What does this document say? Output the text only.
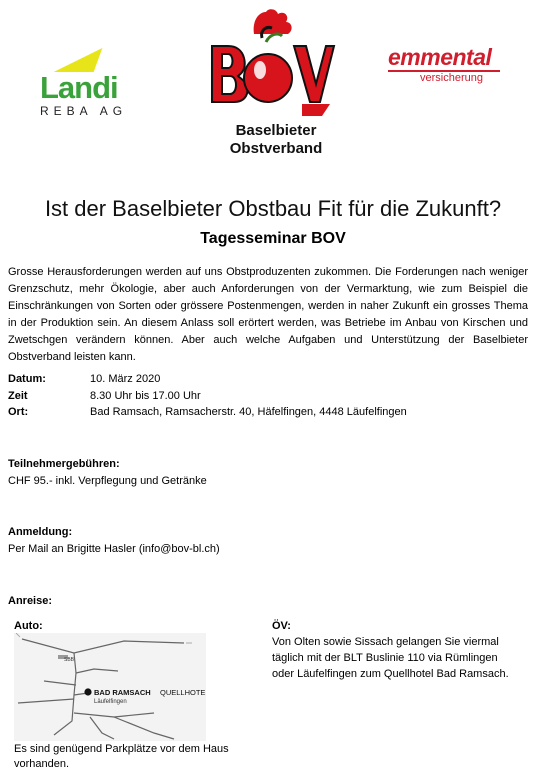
Landi
REBA AG
Baselbieter
Obstverband
emmental
versicherung
Ist der Baselbieter Obstbau Fit für die Zukunft?
Tagesseminar BOV
Grosse Herausforderungen werden auf uns Obstproduzenten zukommen. Die Forderungen nach weniger Grenzschutz, mehr Ökologie, aber auch Anforderungen von der Vermarktung, wie zum Beispiel die Einschränkungen von Sorten oder grössere Postenmengen, werden in naher Zukunft ein grosses Thema in der Produktion sein. An diesem Anlass soll erörtert werden, was Betriebe im Anbau von Kirschen und Zwetschgen verändern können. Aber auch welche Aufgaben und Unterstützung der Baselbieter Obstverband leisten kann.
Datum:	10. März 2020
Zeit	8.30 Uhr bis 17.00 Uhr
Ort:	Bad Ramsach, Ramsacherstr. 40, Häfelfingen, 4448 Läufelfingen
Teilnehmergebühren:
CHF 95.- inkl. Verpflegung und Getränke
Anmeldung:
Per Mail an Brigitte Hasler (info@bov-bl.ch)
Anreise:
Auto:
SBB
BAD RAMSACH QUELLHOTEL
Läufelfingen
Es sind genügend Parkplätze vor dem Haus vorhanden.
ÖV:
Von Olten sowie Sissach gelangen Sie viermal täglich mit der BLT Buslinie 110 via Rümlingen oder Läufelfingen zum Quellhotel Bad Ramsach.
